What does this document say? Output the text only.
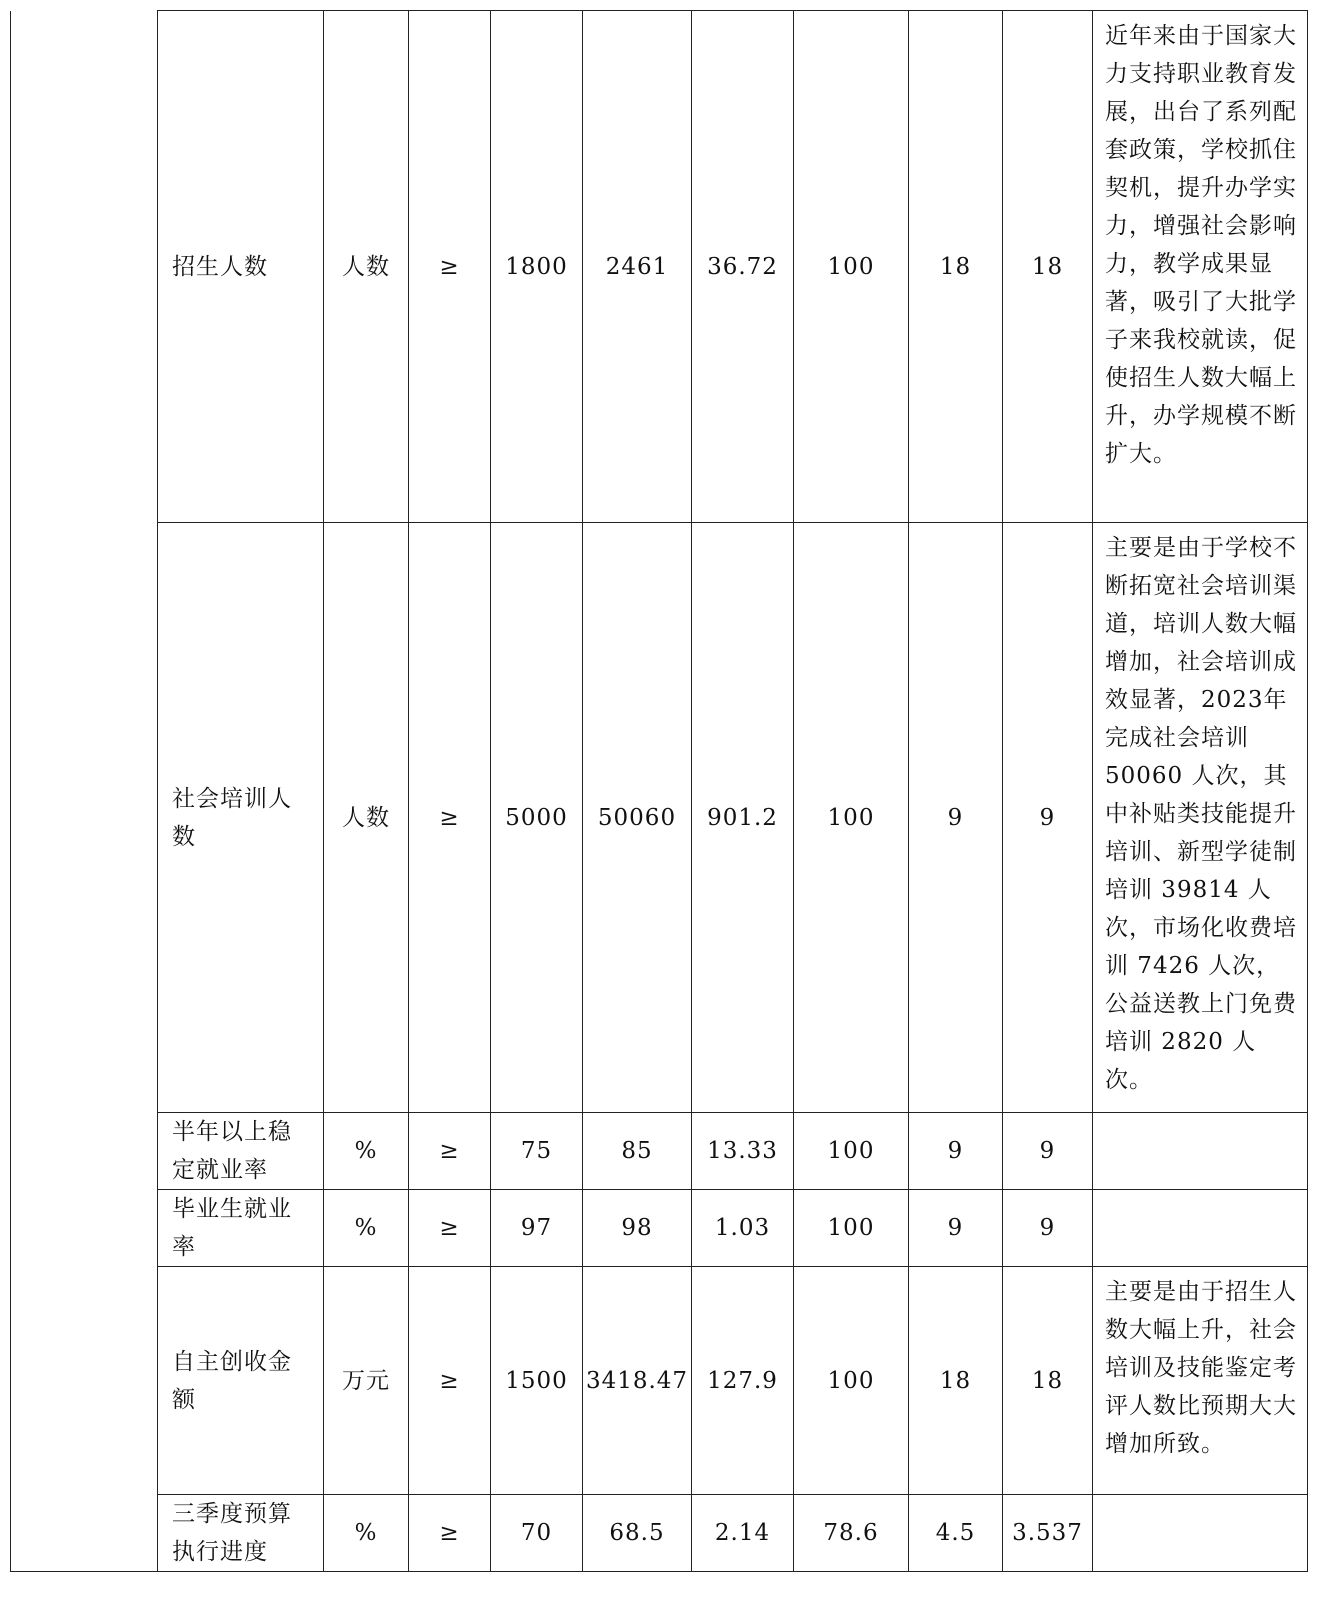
	招生人数	人数	≥	1800	2461	36.72	100	18	18	近年来由于国家大力支持职业教育发展，出台了系列配套政策，学校抓住契机，提升办学实力，增强社会影响力，教学成果显著，吸引了大批学子来我校就读，促使招生人数大幅上升，办学规模不断扩大。
	社会培训人数	人数	≥	5000	50060	901.2	100	9	9	主要是由于学校不断拓宽社会培训渠道，培训人数大幅增加，社会培训成效显著，2023年完成社会培训 50060 人次，其中补贴类技能提升培训、新型学徒制培训 39814 人次，市场化收费培训 7426 人次，公益送教上门免费培训 2820 人次。
	半年以上稳定就业率	%	≥	75	85	13.33	100	9	9	
	毕业生就业率	%	≥	97	98	1.03	100	9	9	
	自主创收金额	万元	≥	1500	3418.47	127.9	100	18	18	主要是由于招生人数大幅上升，社会培训及技能鉴定考评人数比预期大大增加所致。
	三季度预算执行进度	%	≥	70	68.5	2.14	78.6	4.5	3.537	
